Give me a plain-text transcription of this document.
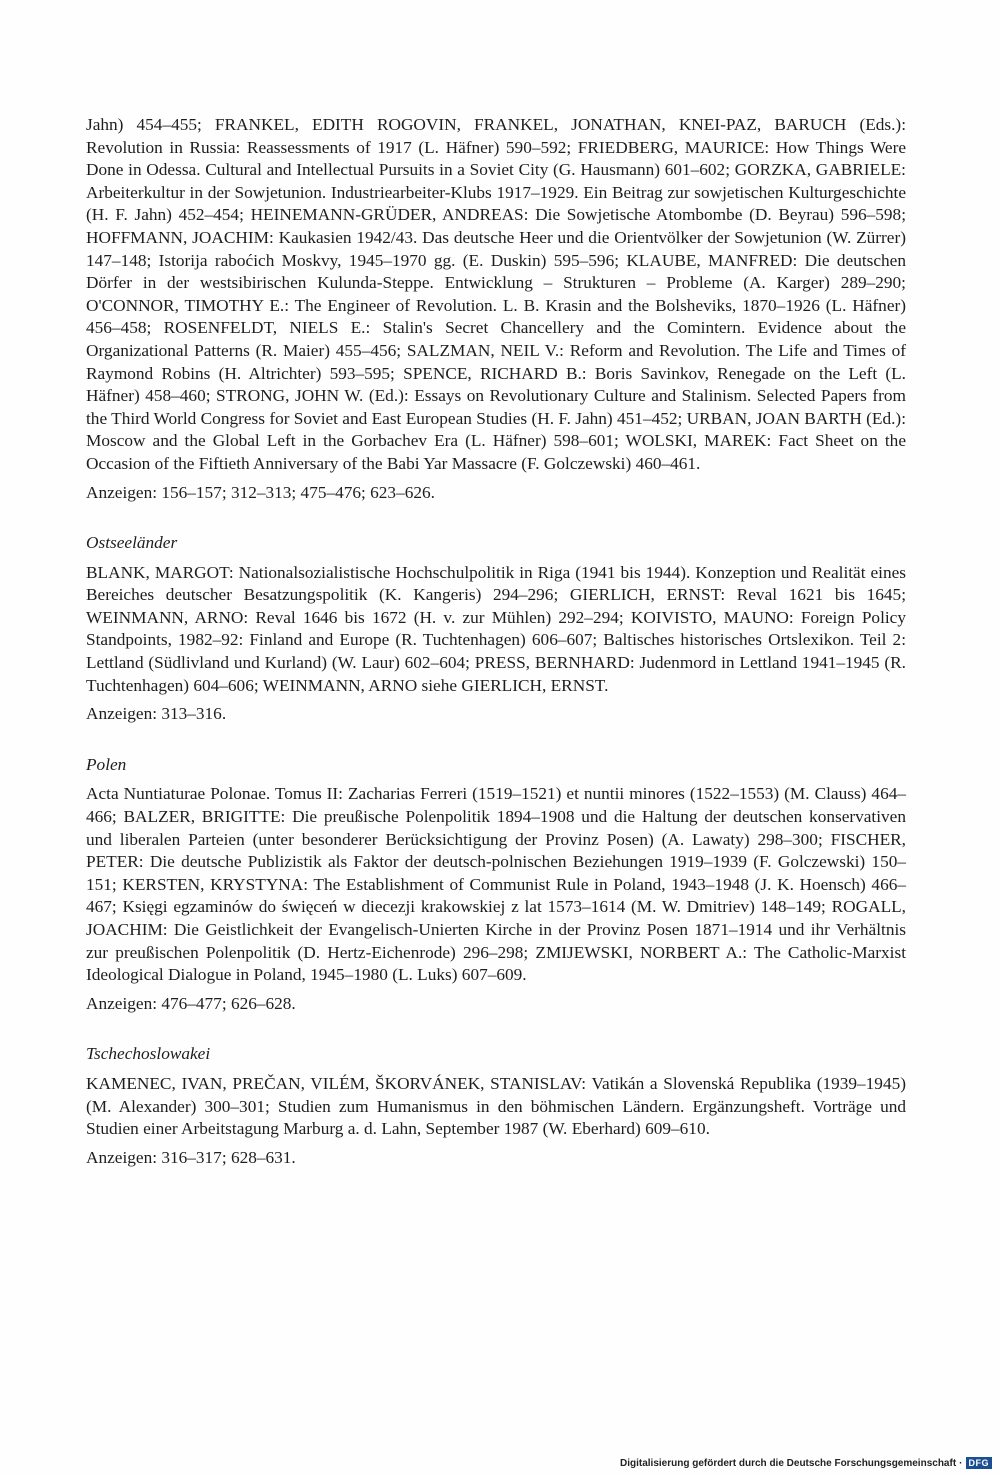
Jahn) 454–455; FRANKEL, EDITH ROGOVIN, FRANKEL, JONATHAN, KNEI-PAZ, BARUCH (Eds.): Revolution in Russia: Reassessments of 1917 (L. Häfner) 590–592; FRIEDBERG, MAURICE: How Things Were Done in Odessa. Cultural and Intellectual Pursuits in a Soviet City (G. Hausmann) 601–602; GORZKA, GABRIELE: Arbeiterkultur in der Sowjetunion. Industriearbeiter-Klubs 1917–1929. Ein Beitrag zur sowjetischen Kulturgeschichte (H. F. Jahn) 452–454; HEINEMANN-GRÜDER, ANDREAS: Die Sowjetische Atombombe (D. Beyrau) 596–598; HOFFMANN, JOACHIM: Kaukasien 1942/43. Das deutsche Heer und die Orientvölker der Sowjetunion (W. Zürrer) 147–148; Istorija raboćich Moskvy, 1945–1970 gg. (E. Duskin) 595–596; KLAUBE, MANFRED: Die deutschen Dörfer in der westsibirischen Kulunda-Steppe. Entwicklung – Strukturen – Probleme (A. Karger) 289–290; O'CONNOR, TIMOTHY E.: The Engineer of Revolution. L. B. Krasin and the Bolsheviks, 1870–1926 (L. Häfner) 456–458; ROSENFELDT, NIELS E.: Stalin's Secret Chancellery and the Comintern. Evidence about the Organizational Patterns (R. Maier) 455–456; SALZMAN, NEIL V.: Reform and Revolution. The Life and Times of Raymond Robins (H. Altrichter) 593–595; SPENCE, RICHARD B.: Boris Savinkov, Renegade on the Left (L. Häfner) 458–460; STRONG, JOHN W. (Ed.): Essays on Revolutionary Culture and Stalinism. Selected Papers from the Third World Congress for Soviet and East European Studies (H. F. Jahn) 451–452; URBAN, JOAN BARTH (Ed.): Moscow and the Global Left in the Gorbachev Era (L. Häfner) 598–601; WOLSKI, MAREK: Fact Sheet on the Occasion of the Fiftieth Anniversary of the Babi Yar Massacre (F. Golczewski) 460–461.

Anzeigen: 156–157; 312–313; 475–476; 623–626.

Ostseeländer

BLANK, MARGOT: Nationalsozialistische Hochschulpolitik in Riga (1941 bis 1944). Konzeption und Realität eines Bereiches deutscher Besatzungspolitik (K. Kangeris) 294–296; GIERLICH, ERNST: Reval 1621 bis 1645; WEINMANN, ARNO: Reval 1646 bis 1672 (H. v. zur Mühlen) 292–294; KOIVISTO, MAUNO: Foreign Policy Standpoints, 1982–92: Finland and Europe (R. Tuchtenhagen) 606–607; Baltisches historisches Ortslexikon. Teil 2: Lettland (Südlivland und Kurland) (W. Laur) 602–604; PRESS, BERNHARD: Judenmord in Lettland 1941–1945 (R. Tuchtenhagen) 604–606; WEINMANN, ARNO siehe GIERLICH, ERNST.

Anzeigen: 313–316.

Polen

Acta Nuntiaturae Polonae. Tomus II: Zacharias Ferreri (1519–1521) et nuntii minores (1522–1553) (M. Clauss) 464–466; BALZER, BRIGITTE: Die preußische Polenpolitik 1894–1908 und die Haltung der deutschen konservativen und liberalen Parteien (unter besonderer Berücksichtigung der Provinz Posen) (A. Lawaty) 298–300; FISCHER, PETER: Die deutsche Publizistik als Faktor der deutsch-polnischen Beziehungen 1919–1939 (F. Golczewski) 150–151; KERSTEN, KRYSTYNA: The Establishment of Communist Rule in Poland, 1943–1948 (J. K. Hoensch) 466–467; Księgi egzaminów do święceń w diecezji krakowskiej z lat 1573–1614 (M. W. Dmitriev) 148–149; ROGALL, JOACHIM: Die Geistlichkeit der Evangelisch-Unierten Kirche in der Provinz Posen 1871–1914 und ihr Verhältnis zur preußischen Polenpolitik (D. Hertz-Eichenrode) 296–298; ZMIJEWSKI, NORBERT A.: The Catholic-Marxist Ideological Dialogue in Poland, 1945–1980 (L. Luks) 607–609.

Anzeigen: 476–477; 626–628.

Tschechoslowakei

KAMENEC, IVAN, PREČAN, VILÉM, ŠKORVÁNEK, STANISLAV: Vatikán a Slovenská Republika (1939–1945) (M. Alexander) 300–301; Studien zum Humanismus in den böhmischen Ländern. Ergänzungsheft. Vorträge und Studien einer Arbeitstagung Marburg a. d. Lahn, September 1987 (W. Eberhard) 609–610.

Anzeigen: 316–317; 628–631.

Digitalisierung gefördert durch die Deutsche Forschungsgemeinschaft · DFG
